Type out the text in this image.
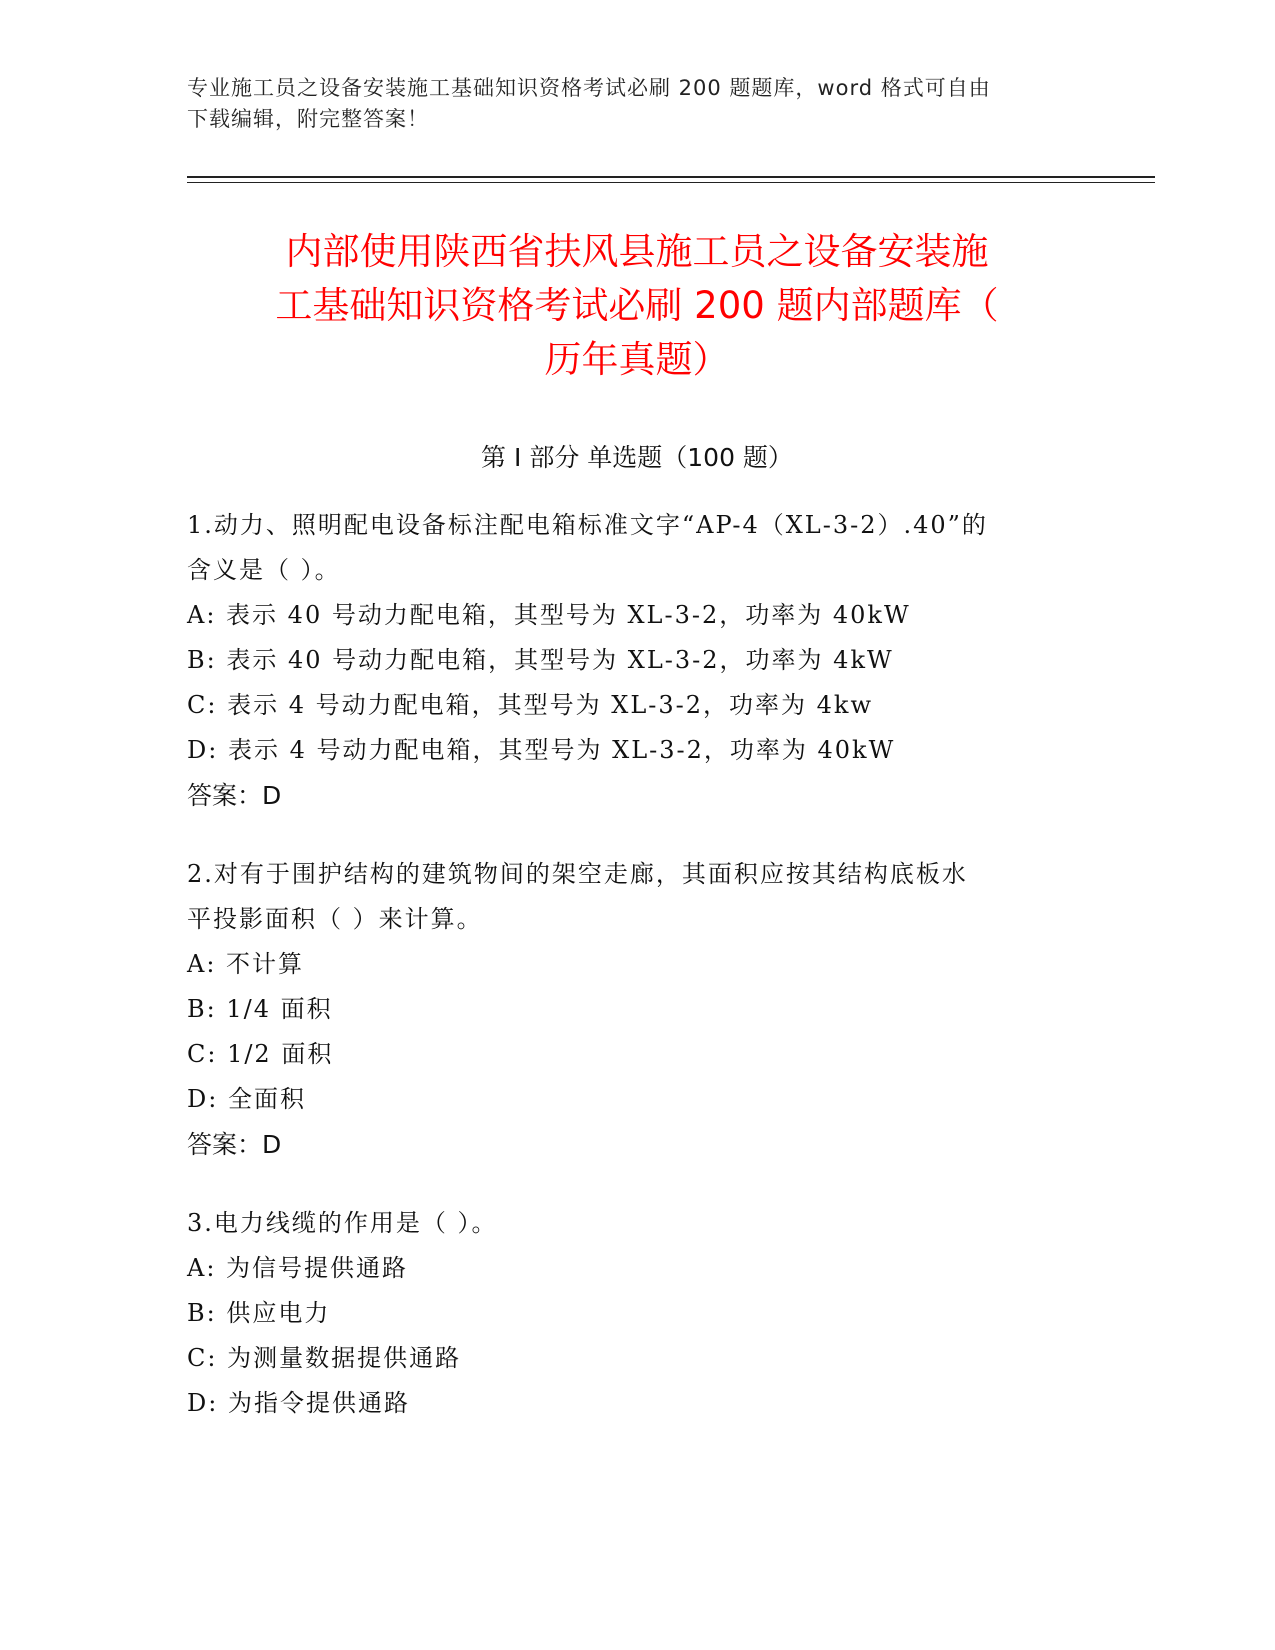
专业施工员之设备安装施工基础知识资格考试必刷 200 题题库，word 格式可自由
下载编辑，附完整答案！
内部使用陕西省扶风县施工员之设备安装施
工基础知识资格考试必刷 200 题内部题库（
历年真题）
第 I 部分 单选题（100 题）

1.动力、照明配电设备标注配电箱标准文字“AP-4（XL-3-2）.40”的

含义是（ ）。

A: 表示 40 号动力配电箱，其型号为 XL-3-2，功率为 40kW

B: 表示 40 号动力配电箱，其型号为 XL-3-2，功率为 4kW

C: 表示 4 号动力配电箱，其型号为 XL-3-2，功率为 4kw

D: 表示 4 号动力配电箱，其型号为 XL-3-2，功率为 40kW

答案：D

2.对有于围护结构的建筑物间的架空走廊，其面积应按其结构底板水

平投影面积（ ）来计算。

A: 不计算

B: 1/4 面积

C: 1/2 面积

D: 全面积

答案：D

3.电力线缆的作用是（ ）。

A: 为信号提供通路

B: 供应电力

C: 为测量数据提供通路

D: 为指令提供通路
